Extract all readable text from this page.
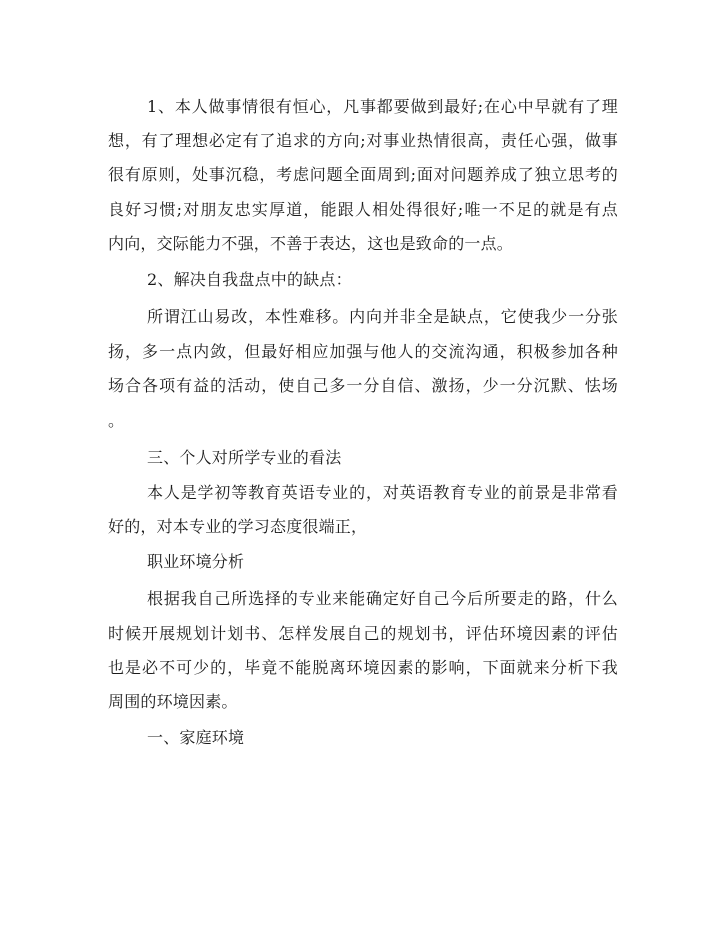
1、本人做事情很有恒心，凡事都要做到最好;在心中早就有了理
想，有了理想必定有了追求的方向;对事业热情很高，责任心强，做事
很有原则，处事沉稳，考虑问题全面周到;面对问题养成了独立思考的
良好习惯;对朋友忠实厚道，能跟人相处得很好;唯一不足的就是有点
内向，交际能力不强，不善于表达，这也是致命的一点。
2、解决自我盘点中的缺点：
所谓江山易改，本性难移。内向并非全是缺点，它使我少一分张
扬，多一点内敛，但最好相应加强与他人的交流沟通，积极参加各种
场合各项有益的活动，使自己多一分自信、激扬，少一分沉默、怯场
。
三、个人对所学专业的看法
本人是学初等教育英语专业的，对英语教育专业的前景是非常看
好的，对本专业的学习态度很端正，
职业环境分析
根据我自己所选择的专业来能确定好自己今后所要走的路，什么
时候开展规划计划书、怎样发展自己的规划书，评估环境因素的评估
也是必不可少的，毕竟不能脱离环境因素的影响，下面就来分析下我
周围的环境因素。
一、家庭环境
